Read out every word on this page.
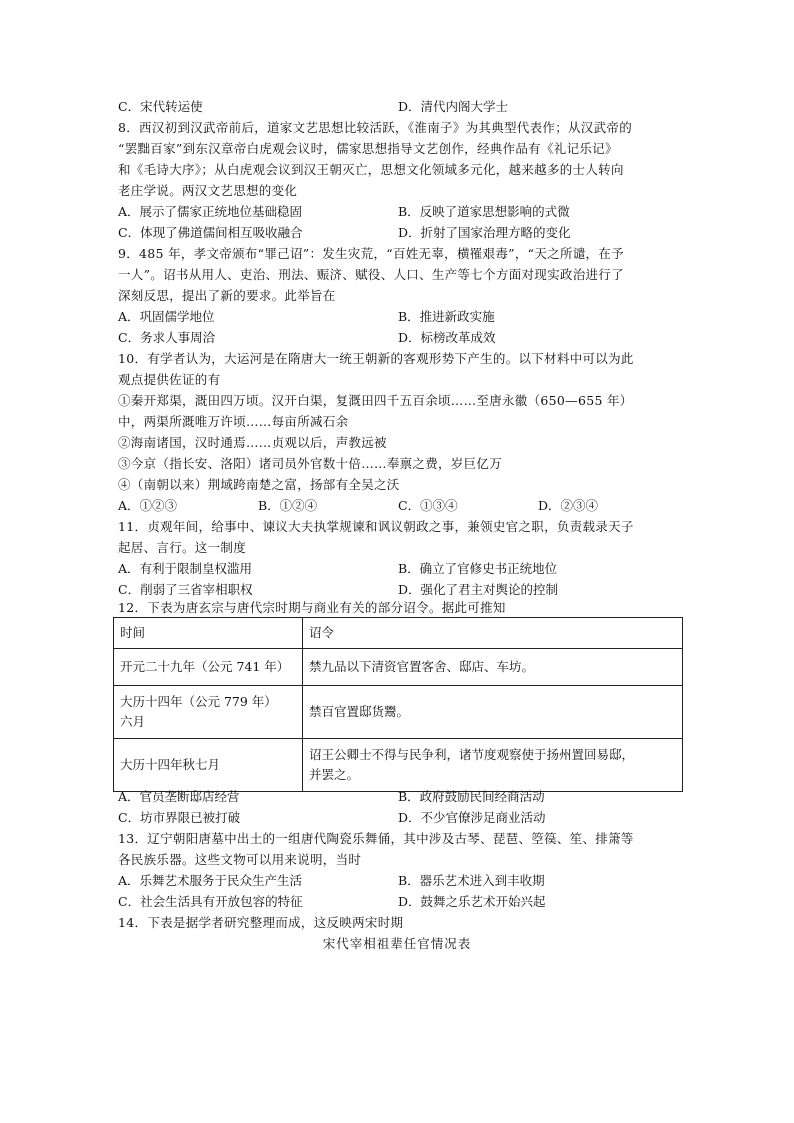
C．宋代转运使	D．清代内阁大学士
8．西汉初到汉武帝前后，道家文艺思想比较活跃，《淮南子》为其典型代表作；从汉武帝的
“罢黜百家”到东汉章帝白虎观会议时，儒家思想指导文艺创作，经典作品有《礼记乐记》
和《毛诗大序》；从白虎观会议到汉王朝灭亡，思想文化领域多元化，越来越多的士人转向
老庄学说。两汉文艺思想的变化
A．展示了儒家正统地位基础稳固	B．反映了道家思想影响的式微
C．体现了佛道儒间相互吸收融合	D．折射了国家治理方略的变化
9．485 年，孝文帝颁布“罪己诏”：发生灾荒，“百姓无辜，横罹艰毒”，“天之所谴，在予
一人”。诏书从用人、吏治、刑法、赈济、赋役、人口、生产等七个方面对现实政治进行了
深刻反思，提出了新的要求。此举旨在
A．巩固儒学地位	B．推进新政实施
C．务求人事周洽	D．标榜改革成效
10．有学者认为，大运河是在隋唐大一统王朝新的客观形势下产生的。以下材料中可以为此
观点提供佐证的有
①秦开郑渠，溉田四万顷。汉开白渠，复溉田四千五百余顷……至唐永徽（650—655 年）
中，两渠所溉唯万许顷……每亩所减石余
②海南诸国，汉时通焉……贞观以后，声教远被
③今京（指长安、洛阳）诸司员外官数十倍……奉禀之费，岁巨亿万
④（南朝以来）荆域跨南楚之富，扬部有全吴之沃
A．①②③	B．①②④	C．①③④	D．②③④
11．贞观年间，给事中、谏议大夫执掌规谏和讽议朝政之事，兼领史官之职，负责载录天子
起居、言行。这一制度
A．有利于限制皇权滥用	B．确立了官修史书正统地位
C．削弱了三省宰相职权	D．强化了君主对舆论的控制
12．下表为唐玄宗与唐代宗时期与商业有关的部分诏令。据此可推知
时间	诏令
开元二十九年（公元 741 年）	禁九品以下清资官置客舍、邸店、车坊。

大历十四年（公元 779 年）
六月	禁百官置邸货鬻。
大历十四年秋七月	诏王公卿士不得与民争利，诸节度观察使于扬州置回易邸，
并罢之。
A．官员垄断邸店经营	B．政府鼓励民间经商活动
C．坊市界限已被打破	D．不少官僚涉足商业活动
13．辽宁朝阳唐墓中出土的一组唐代陶瓷乐舞俑，其中涉及古琴、琵琶、箜篌、笙、排箫等
各民族乐器。这些文物可以用来说明，当时
A．乐舞艺术服务于民众生产生活	B．器乐艺术进入到丰收期
C．社会生活具有开放包容的特征	D．鼓舞之乐艺术开始兴起
14．下表是据学者研究整理而成，这反映两宋时期
宋代宰相祖辈任官情况表
